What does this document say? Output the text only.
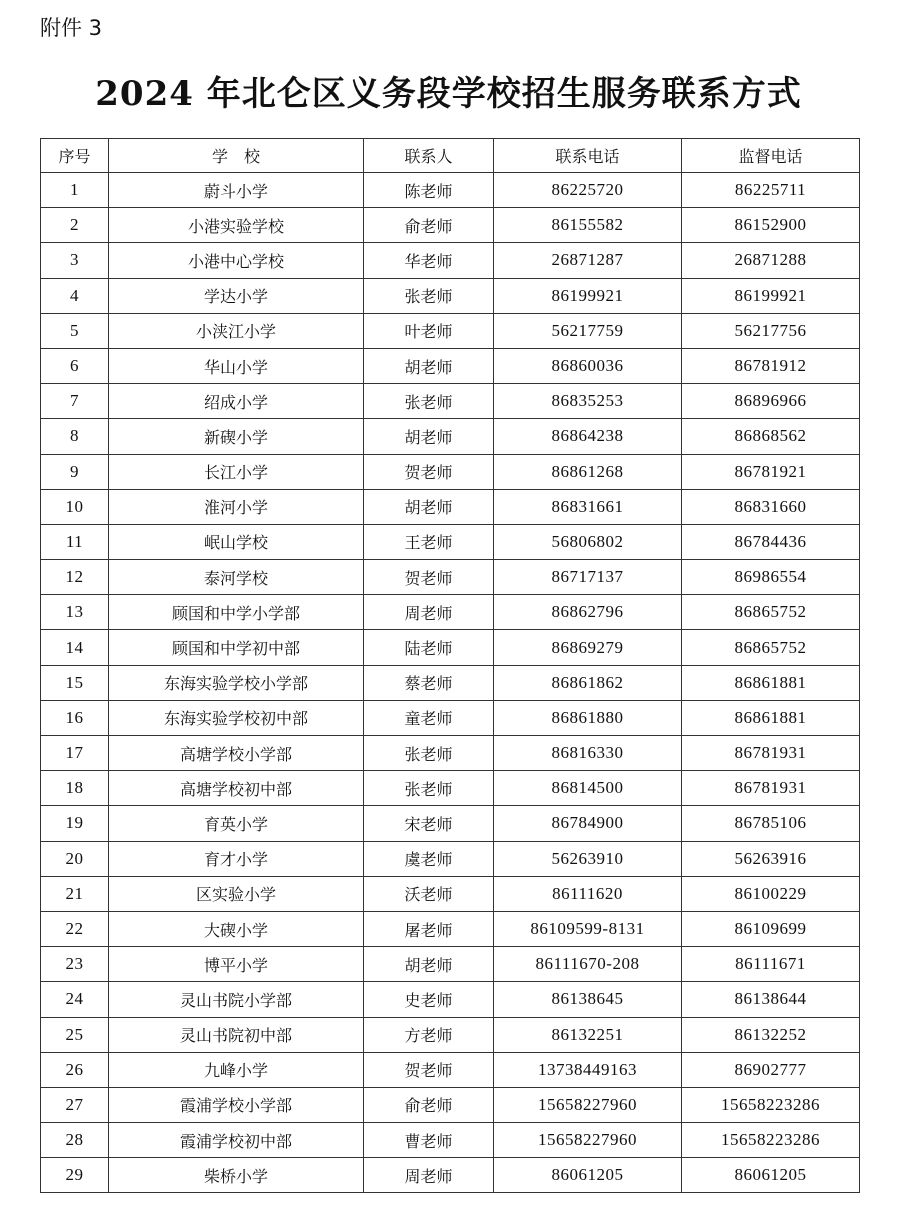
附件 3
2024 年北仑区义务段学校招生服务联系方式
序号	学　校	联系人	联系电话	监督电话
1	蔚斗小学	陈老师	86225720	86225711
2	小港实验学校	俞老师	86155582	86152900
3	小港中心学校	华老师	26871287	26871288
4	学达小学	张老师	86199921	86199921
5	小浃江小学	叶老师	56217759	56217756
6	华山小学	胡老师	86860036	86781912
7	绍成小学	张老师	86835253	86896966
8	新碶小学	胡老师	86864238	86868562
9	长江小学	贺老师	86861268	86781921
10	淮河小学	胡老师	86831661	86831660
11	岷山学校	王老师	56806802	86784436
12	泰河学校	贺老师	86717137	86986554
13	顾国和中学小学部	周老师	86862796	86865752
14	顾国和中学初中部	陆老师	86869279	86865752
15	东海实验学校小学部	蔡老师	86861862	86861881
16	东海实验学校初中部	童老师	86861880	86861881
17	高塘学校小学部	张老师	86816330	86781931
18	高塘学校初中部	张老师	86814500	86781931
19	育英小学	宋老师	86784900	86785106
20	育才小学	虞老师	56263910	56263916
21	区实验小学	沃老师	86111620	86100229
22	大碶小学	屠老师	86109599-8131	86109699
23	博平小学	胡老师	86111670-208	86111671
24	灵山书院小学部	史老师	86138645	86138644
25	灵山书院初中部	方老师	86132251	86132252
26	九峰小学	贺老师	13738449163	86902777
27	霞浦学校小学部	俞老师	15658227960	15658223286
28	霞浦学校初中部	曹老师	15658227960	15658223286
29	柴桥小学	周老师	86061205	86061205
